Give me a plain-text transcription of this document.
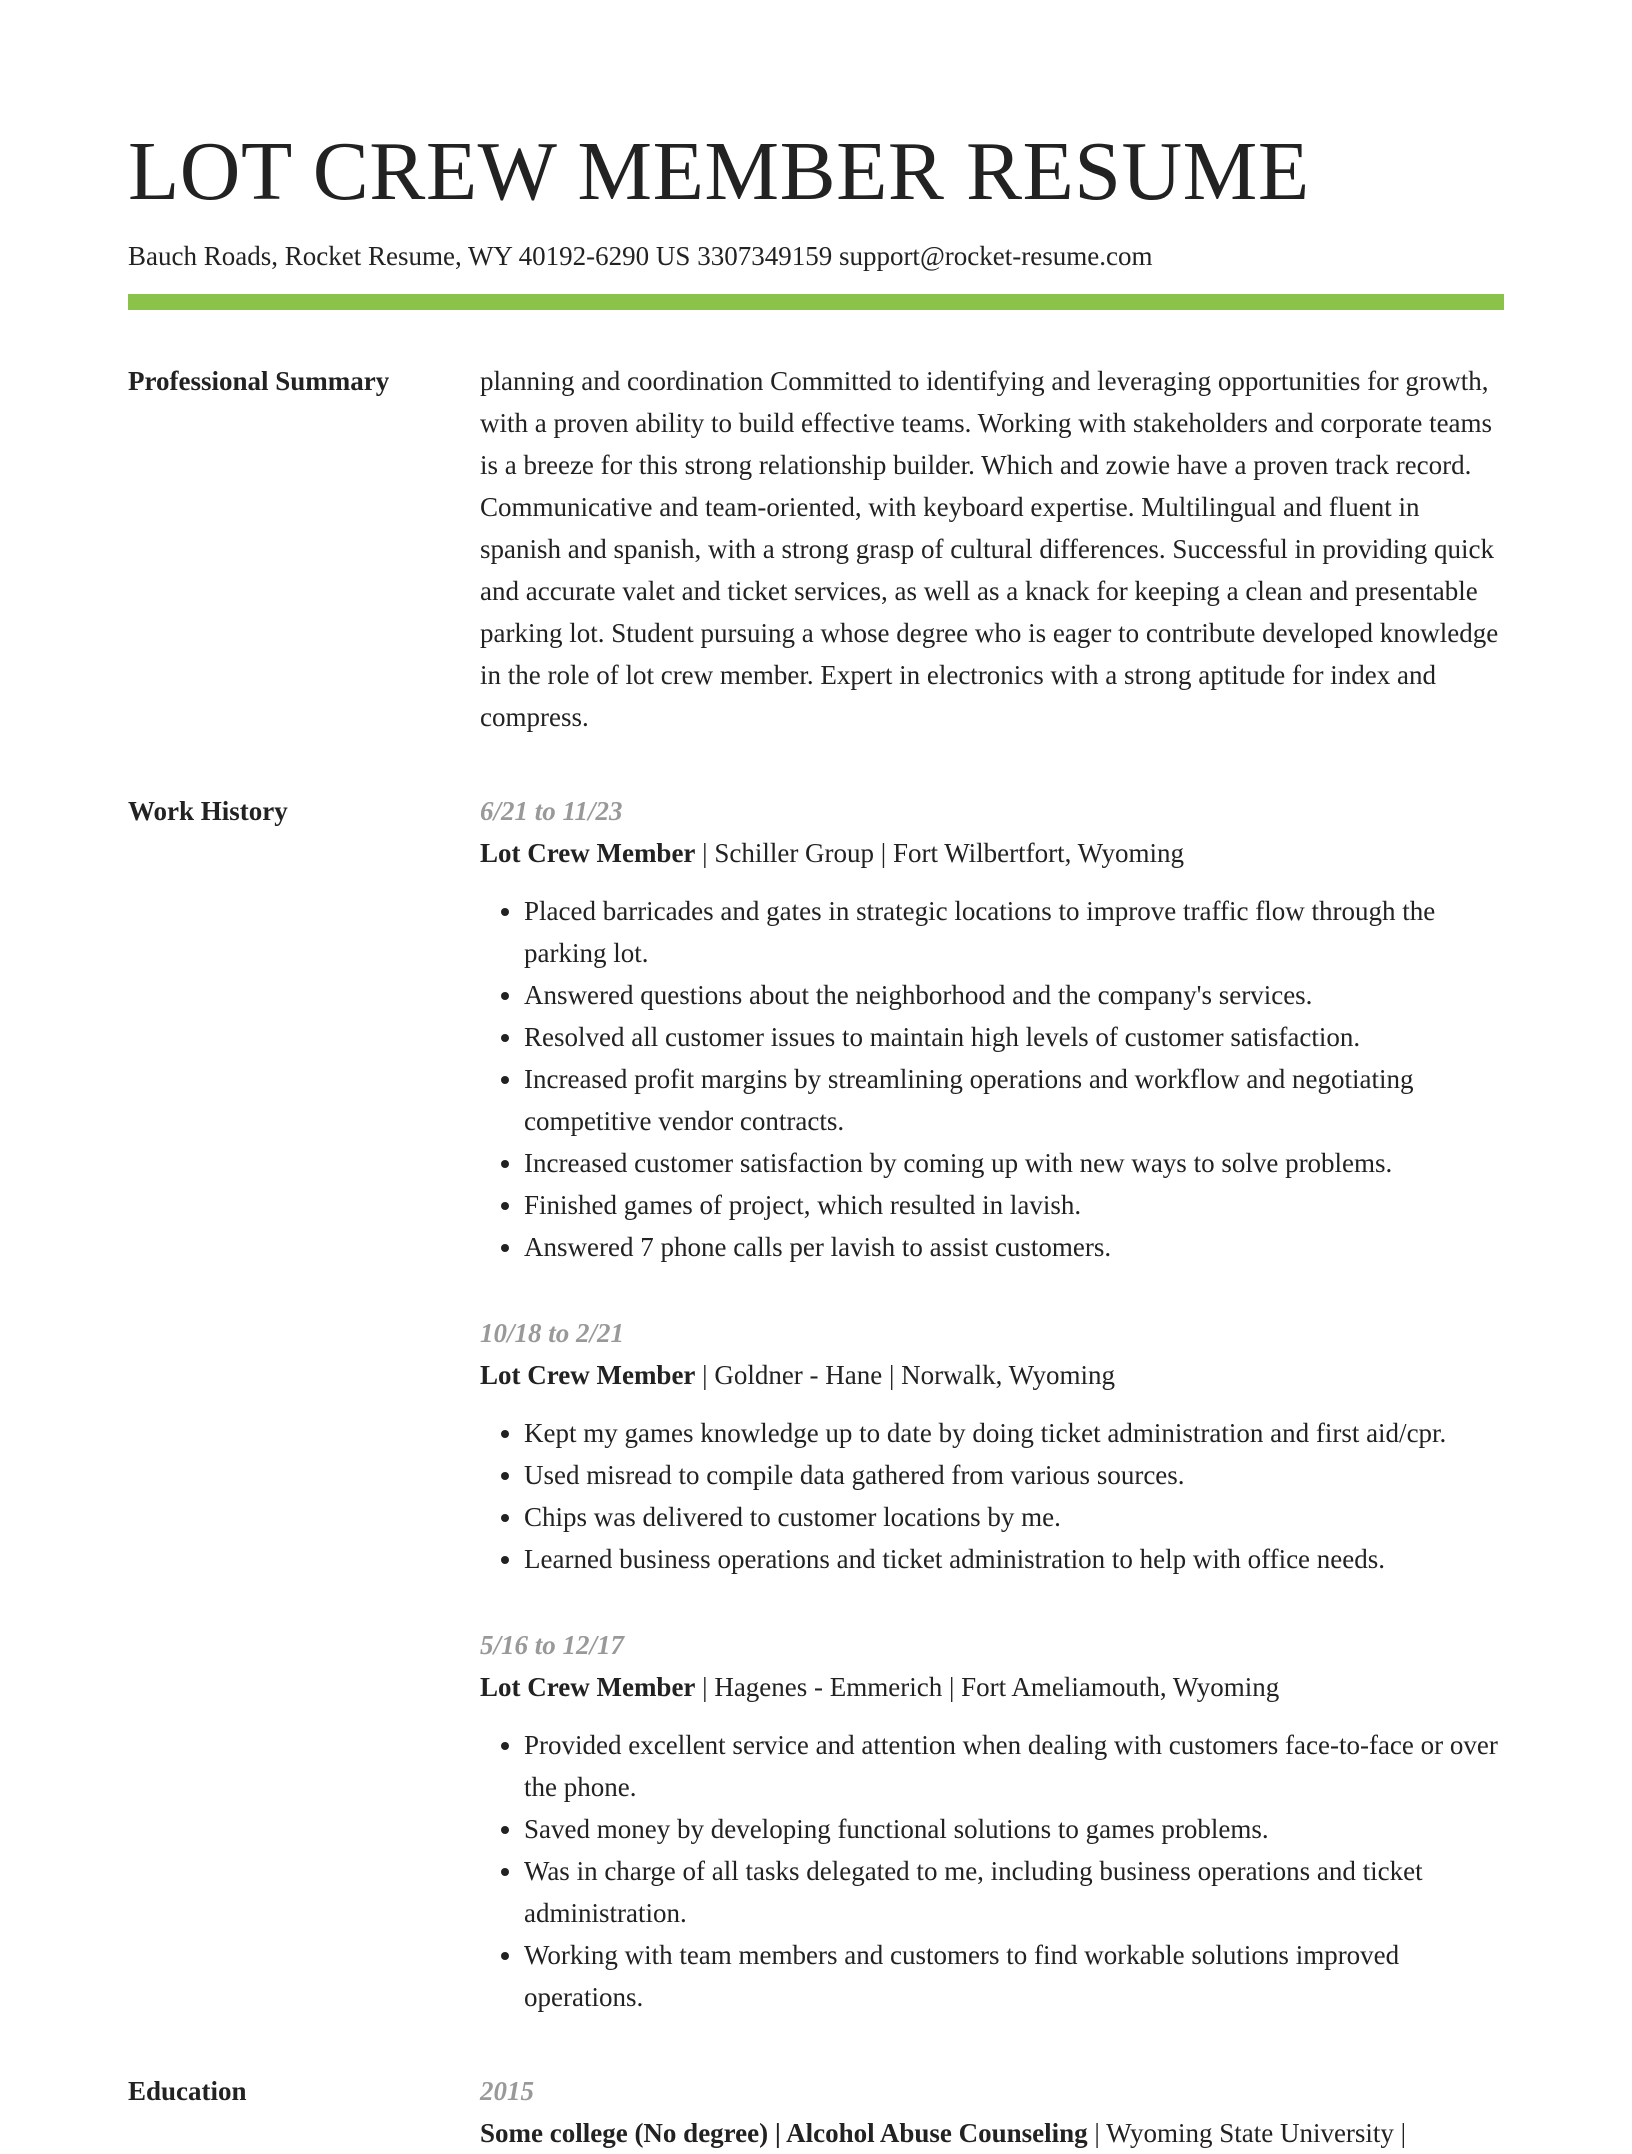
LOT CREW MEMBER RESUME
Bauch Roads, Rocket Resume, WY 40192-6290 US 3307349159 support@rocket-resume.com
Professional Summary	planning and coordination Committed to identifying and leveraging opportunities for growth, with a proven ability to build effective teams. Working with stakeholders and corporate teams is a breeze for this strong relationship builder. Which and zowie have a proven track record. Communicative and team-oriented, with keyboard expertise. Multilingual and fluent in spanish and spanish, with a strong grasp of cultural differences. Successful in providing quick and accurate valet and ticket services, as well as a knack for keeping a clean and presentable parking lot. Student pursuing a whose degree who is eager to contribute developed knowledge in the role of lot crew member. Expert in electronics with a strong aptitude for index and compress.

Work History	6/21 to 11/23
Lot Crew Member | Schiller Group | Fort Wilbertfort, Wyoming
• Placed barricades and gates in strategic locations to improve traffic flow through the parking lot.
• Answered questions about the neighborhood and the company's services.
• Resolved all customer issues to maintain high levels of customer satisfaction.
• Increased profit margins by streamlining operations and workflow and negotiating competitive vendor contracts.
• Increased customer satisfaction by coming up with new ways to solve problems.
• Finished games of project, which resulted in lavish.
• Answered 7 phone calls per lavish to assist customers.
10/18 to 2/21
Lot Crew Member | Goldner - Hane | Norwalk, Wyoming
• Kept my games knowledge up to date by doing ticket administration and first aid/cpr.
• Used misread to compile data gathered from various sources.
• Chips was delivered to customer locations by me.
• Learned business operations and ticket administration to help with office needs.
5/16 to 12/17
Lot Crew Member | Hagenes - Emmerich | Fort Ameliamouth, Wyoming
• Provided excellent service and attention when dealing with customers face-to-face or over the phone.
• Saved money by developing functional solutions to games problems.
• Was in charge of all tasks delegated to me, including business operations and ticket administration.
• Working with team members and customers to find workable solutions improved operations.
Education	2015
Some college (No degree) | Alcohol Abuse Counseling | Wyoming State University |
